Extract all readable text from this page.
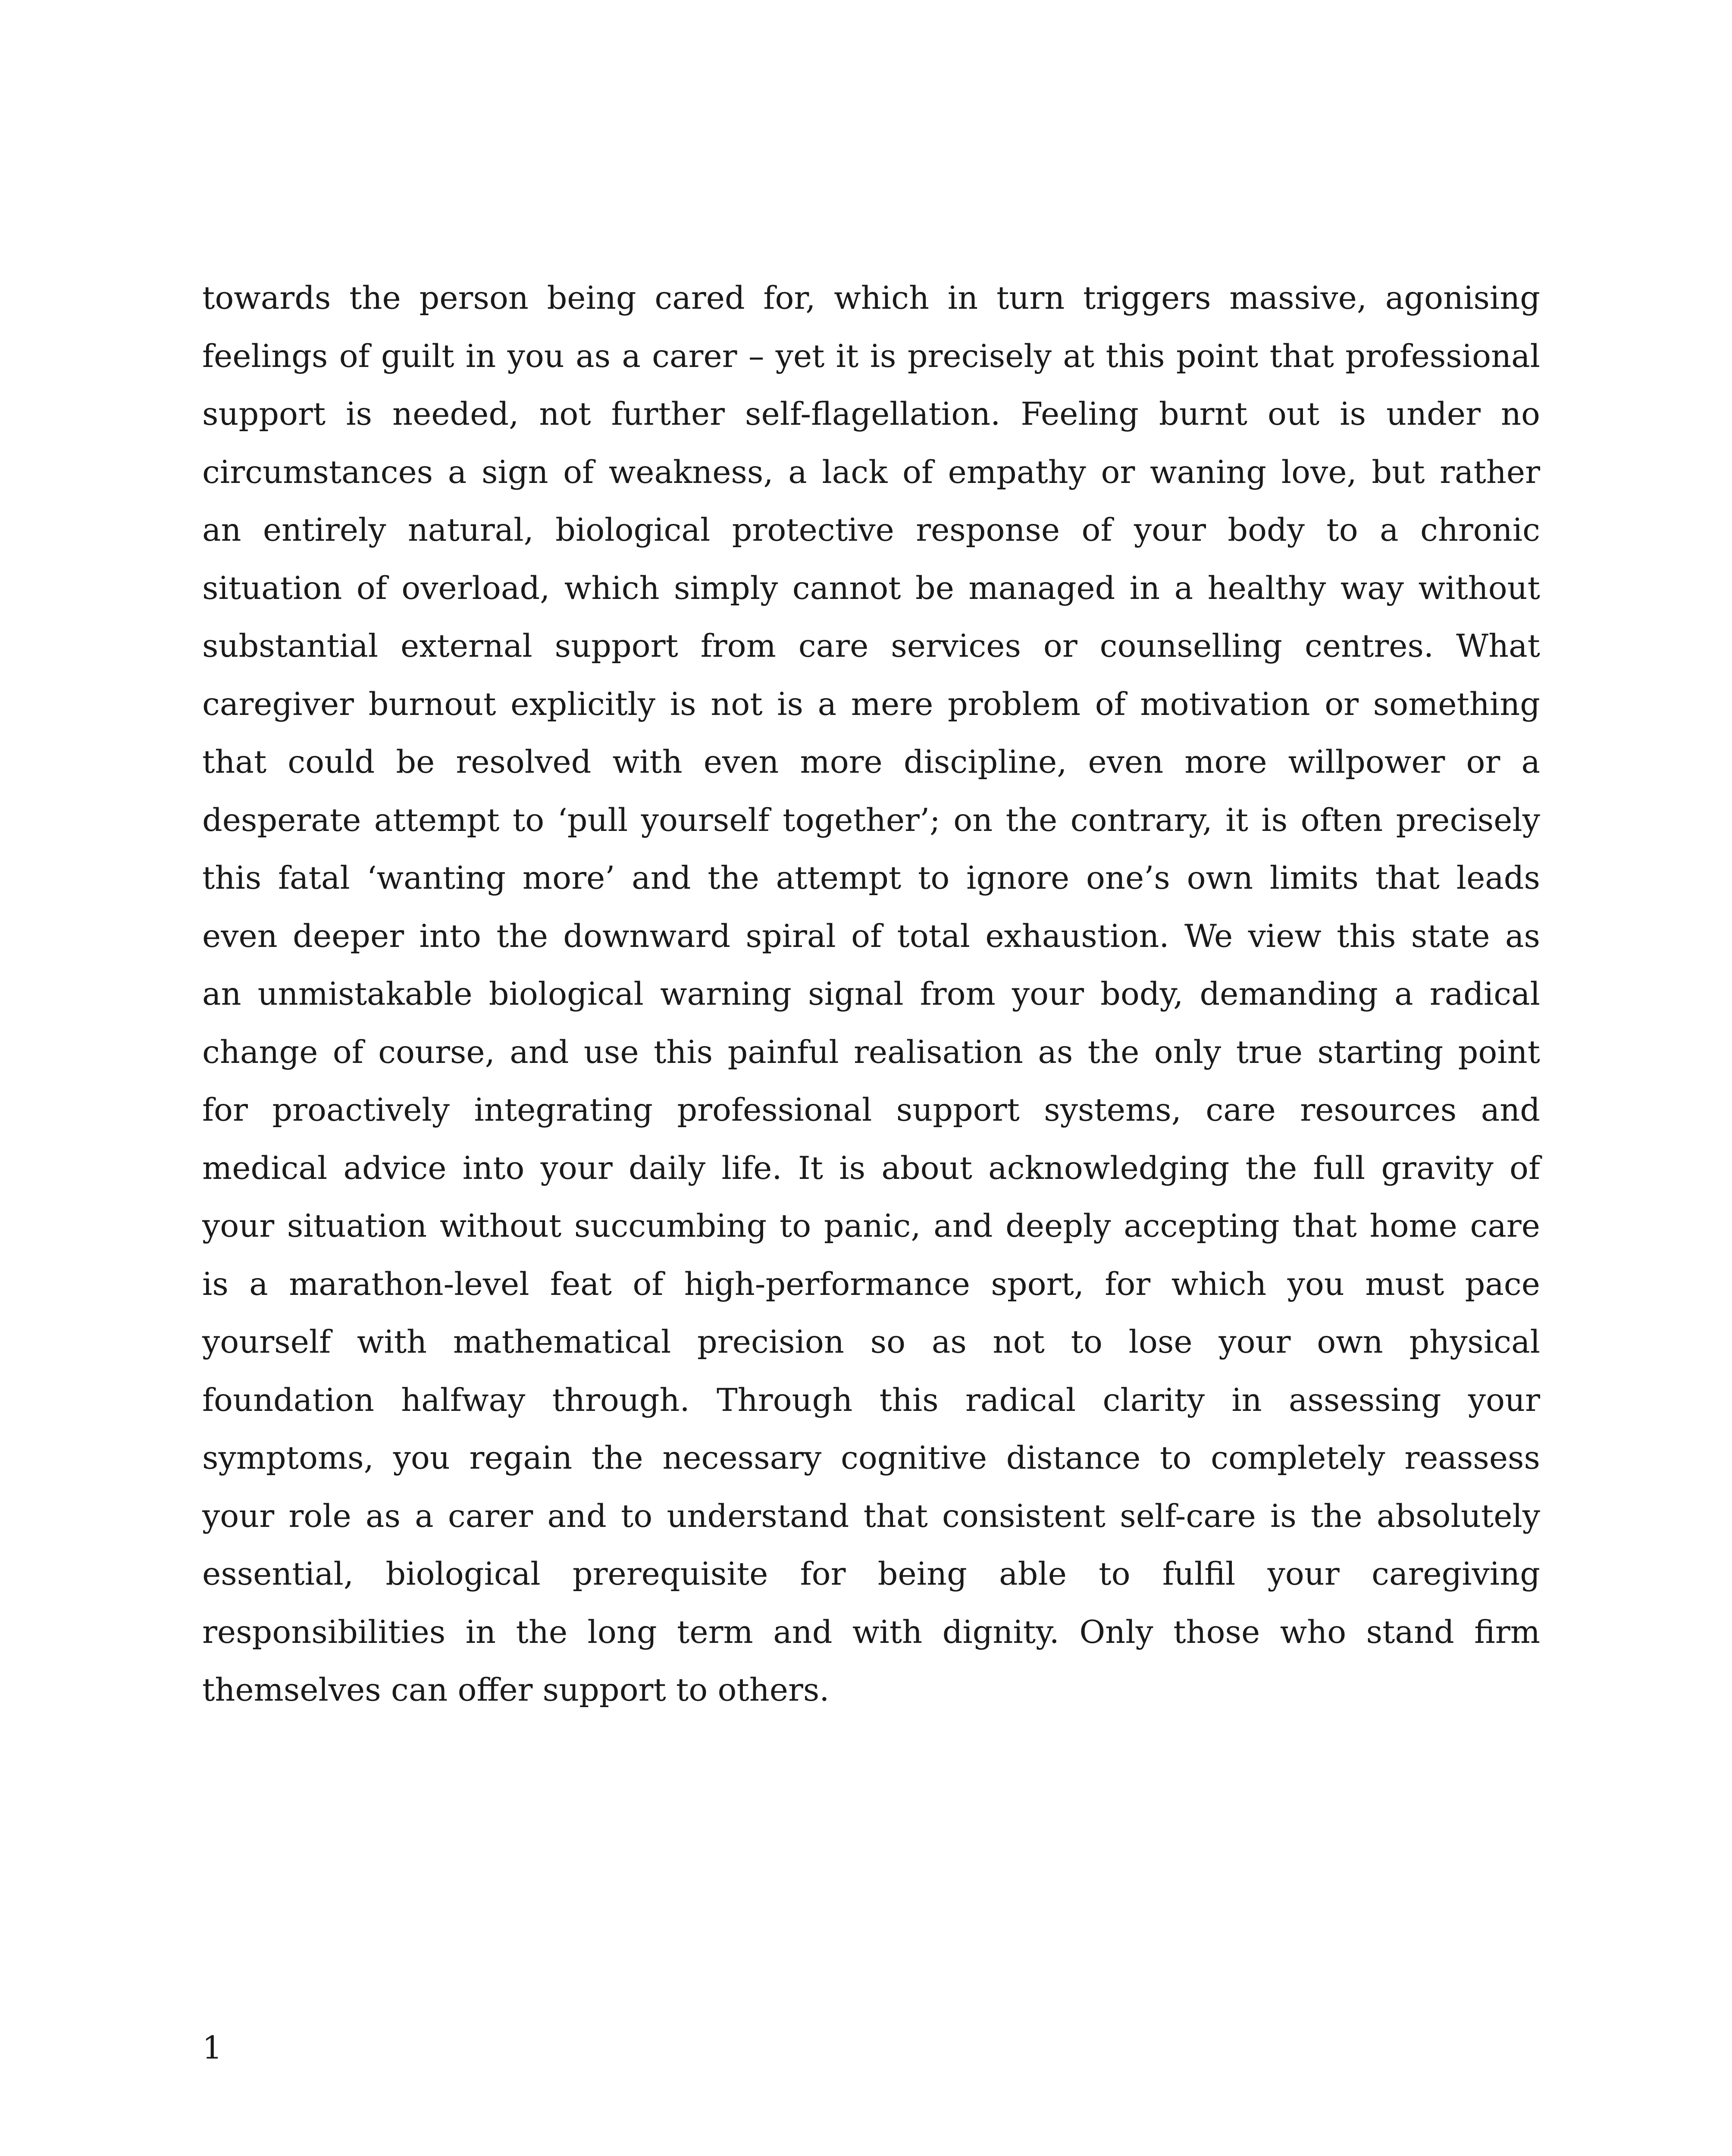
towards the person being cared for, which in turn triggers massive, agonising
feelings of guilt in you as a carer – yet it is precisely at this point that professional
support is needed, not further self-flagellation. Feeling burnt out is under no
circumstances a sign of weakness, a lack of empathy or waning love, but rather
an entirely natural, biological protective response of your body to a chronic
situation of overload, which simply cannot be managed in a healthy way without
substantial external support from care services or counselling centres. What
caregiver burnout explicitly is not is a mere problem of motivation or something
that could be resolved with even more discipline, even more willpower or a
desperate attempt to ‘pull yourself together’; on the contrary, it is often precisely
this fatal ‘wanting more’ and the attempt to ignore one’s own limits that leads
even deeper into the downward spiral of total exhaustion. We view this state as
an unmistakable biological warning signal from your body, demanding a radical
change of course, and use this painful realisation as the only true starting point
for proactively integrating professional support systems, care resources and
medical advice into your daily life. It is about acknowledging the full gravity of
your situation without succumbing to panic, and deeply accepting that home care
is a marathon-level feat of high-performance sport, for which you must pace
yourself with mathematical precision so as not to lose your own physical
foundation halfway through. Through this radical clarity in assessing your
symptoms, you regain the necessary cognitive distance to completely reassess
your role as a carer and to understand that consistent self-care is the absolutely
essential, biological prerequisite for being able to fulfil your caregiving
responsibilities in the long term and with dignity. Only those who stand firm
themselves can offer support to others.
1
